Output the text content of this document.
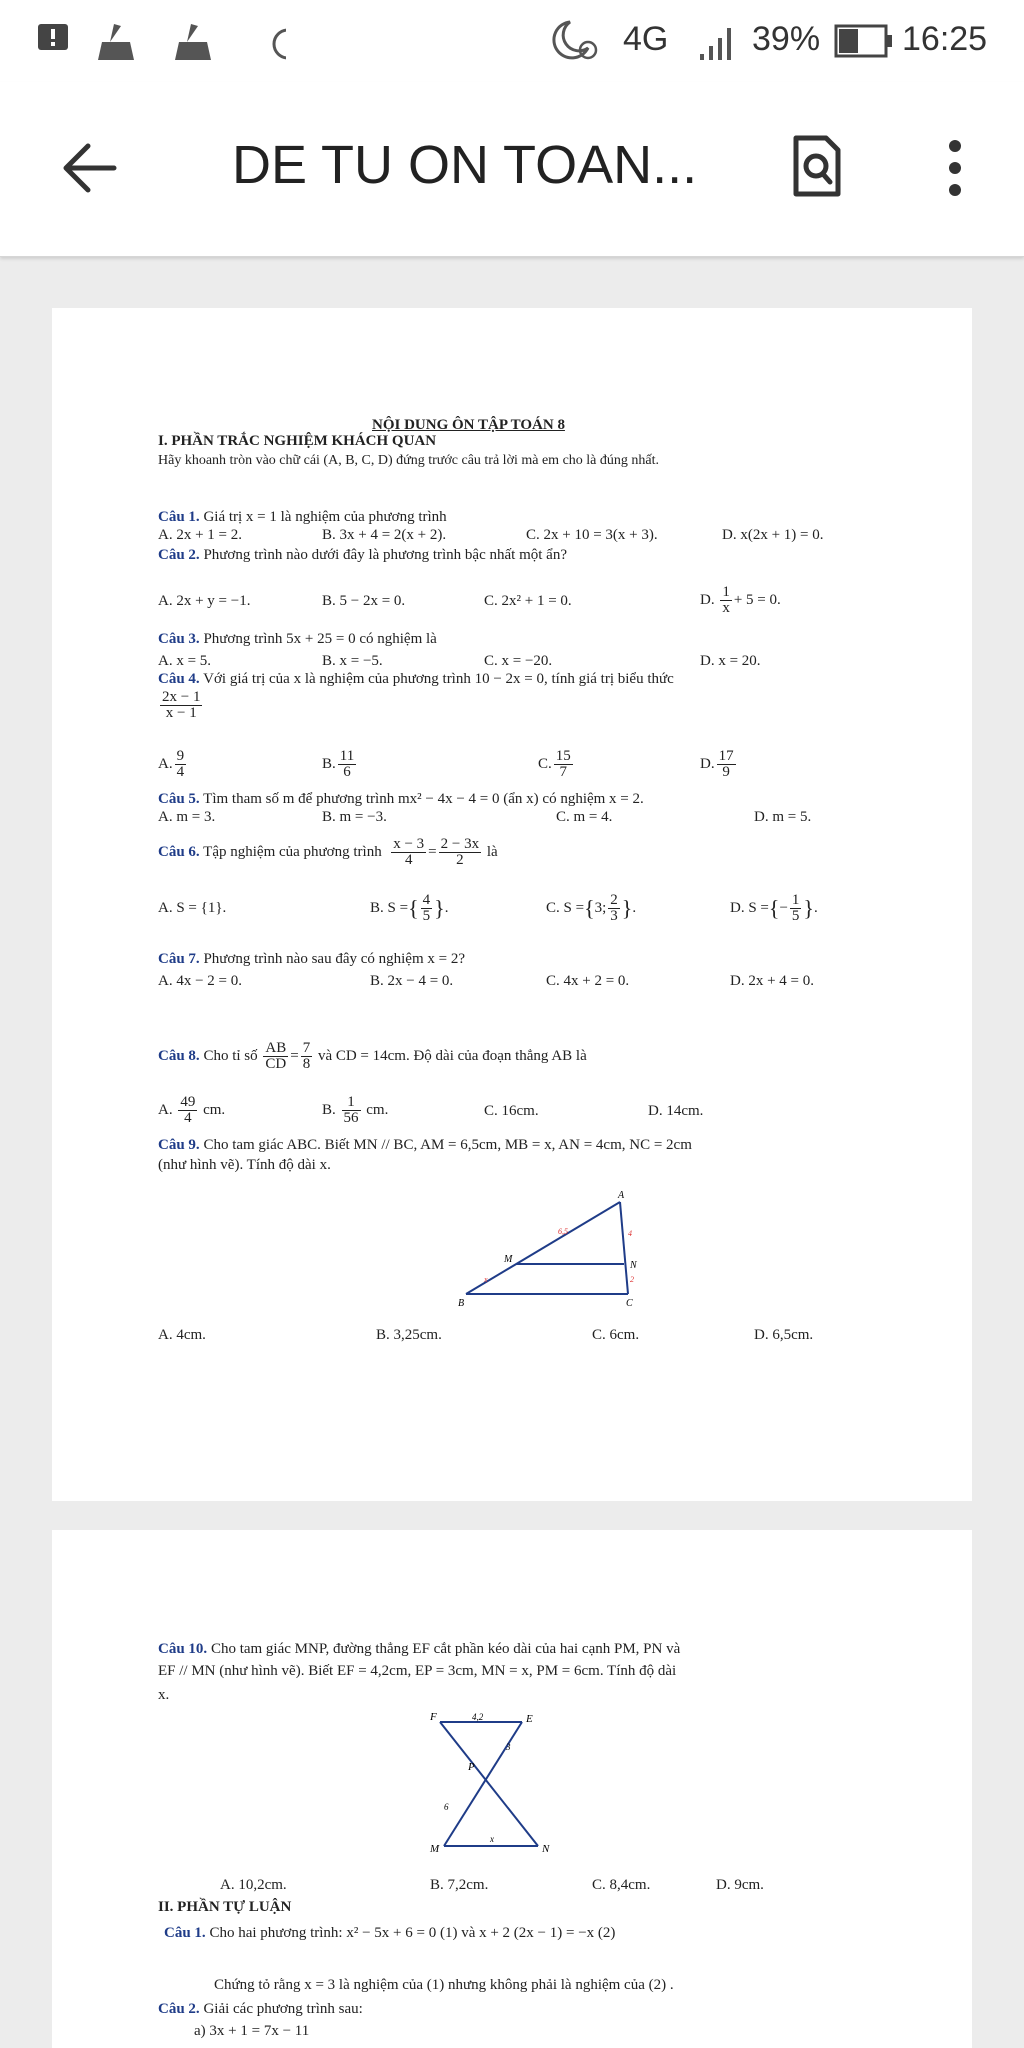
4G 39% 16:25
DE TU ON TOAN...
NỘI DUNG ÔN TẬP TOÁN 8
I. PHẦN TRẮC NGHIỆM KHÁCH QUAN
Hãy khoanh tròn vào chữ cái (A, B, C, D) đứng trước câu trả lời mà em cho là đúng nhất.
Câu 1. Giá trị x = 1 là nghiệm của phương trình
A. 2x + 1 = 2.	B. 3x + 4 = 2(x + 2).	C. 2x + 10 = 3(x + 3).	D. x(2x + 1) = 0.
Câu 2. Phương trình nào dưới đây là phương trình bậc nhất một ẩn?
A. 2x + y = −1.	B. 5 − 2x = 0.	C. 2x² + 1 = 0.	D. $\frac{1}{x} + 5 = 0$.
Câu 3. Phương trình 5x + 25 = 0 có nghiệm là
A. x = 5.	B. x = −5.	C. x = −20.	D. x = 20.
Câu 4. Với giá trị của x là nghiệm của phương trình 10 − 2x = 0, tính giá trị biểu thức
$\frac{2x - 1}{x - 1}$
A. $\frac{9}{4}$	B. $\frac{11}{6}$	C. $\frac{15}{7}$	D. $\frac{17}{9}$
Câu 5. Tìm tham số m để phương trình mx² − 4x − 4 = 0 (ẩn x) có nghiệm x = 2.
A. m = 3.	B. m = −3.	C. m = 4.	D. m = 5.
Câu 6. Tập nghiệm của phương trình $\frac{x - 3}{4} = \frac{2 - 3x}{2}$ là
A. S = {1}.	B. S ={ $\frac{4}{5}$ }.	C. S ={3; $\frac{2}{3}$ }.	D. S ={− $\frac{1}{5}$ }.
Câu 7. Phương trình nào sau đây có nghiệm x = 2?
A. 4x − 2 = 0.	B. 2x − 4 = 0.	C. 4x + 2 = 0.	D. 2x + 4 = 0.
Câu 8. Cho tỉ số $\frac{AB}{CD} = \frac{7}{8}$ và CD = 14cm. Độ dài của đoạn thẳng AB là
A. $\frac{49}{4}$ cm.	B. $\frac{1}{56}$ cm.	C. 16cm.	D. 14cm.
Câu 9. Cho tam giác ABC. Biết MN // BC, AM = 6,5cm, MB = x, AN = 4cm, NC = 2cm
(như hình vẽ). Tính độ dài x.
A
M
N
B	C
6,5	4
2
x
A. 4cm.	B. 3,25cm.	C. 6cm.	D. 6,5cm.
Câu 10. Cho tam giác MNP, đường thẳng EF cắt phần kéo dài của hai cạnh PM, PN và
EF // MN (như hình vẽ). Biết EF = 4,2cm, EP = 3cm, MN = x, PM = 6cm. Tính độ dài
x.
F	E
P
M	N
4,2
3
6
x
A. 10,2cm.	B. 7,2cm.	C. 8,4cm.	D. 9cm.
II. PHẦN TỰ LUẬN
Câu 1. Cho hai phương trình: x² − 5x + 6 = 0 (1) và x + 2 (2x − 1) = −x (2)
Chứng tỏ rằng x = 3 là nghiệm của (1) nhưng không phải là nghiệm của (2) .
Câu 2. Giải các phương trình sau:
a) 3x + 1 = 7x − 11
